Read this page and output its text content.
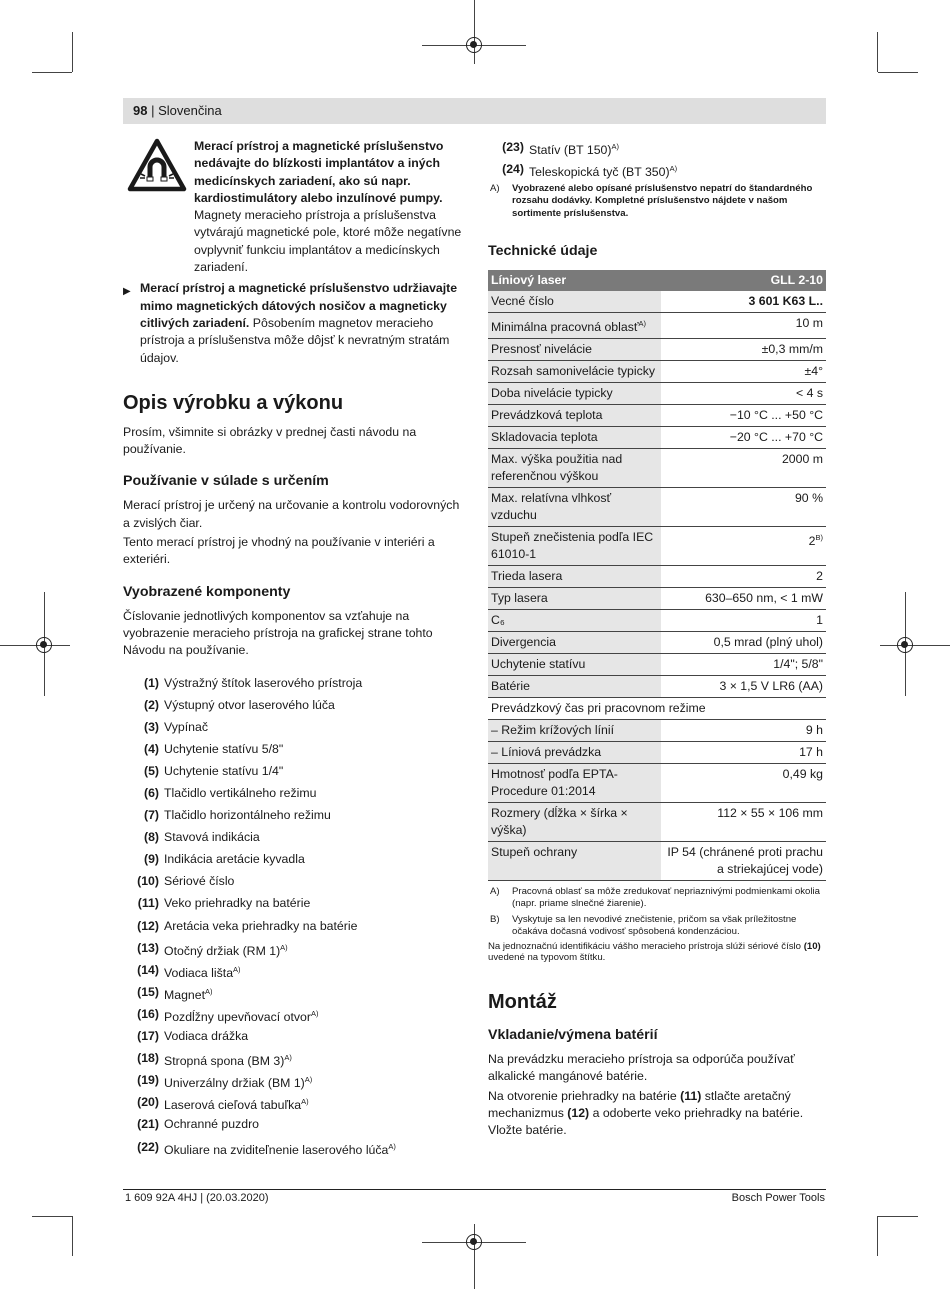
98 | Slovenčina

Merací prístroj a magnetické príslušenstvo nedávajte do blízkosti implantátov a iných medicínskych zariadení, ako sú napr. kardiostimulátory alebo inzulínové pumpy. Magnety meracieho prístroja a príslušenstva vytvárajú magnetické pole, ktoré môže negatívne ovplyvniť funkciu implantátov a medicínskych zariadení.

▶ Merací prístroj a magnetické príslušenstvo udržiavajte mimo magnetických dátových nosičov a magneticky citlivých zariadení. Pôsobením magnetov meracieho prístroja a príslušenstva môže dôjsť k nevratným stratám údajov.

Opis výrobku a výkonu

Prosím, všimnite si obrázky v prednej časti návodu na používanie.

Používanie v súlade s určením

Merací prístroj je určený na určovanie a kontrolu vodorovných a zvislých čiar.

Tento merací prístroj je vhodný na používanie v interiéri a exteriéri.

Vyobrazené komponenty

Číslovanie jednotlivých komponentov sa vzťahuje na vyobrazenie meracieho prístroja na grafickej strane tohto Návodu na používanie.

(1) Výstražný štítok laserového prístroja
(2) Výstupný otvor laserového lúča
(3) Vypínač
(4) Uchytenie statívu 5/8"
(5) Uchytenie statívu 1/4"
(6) Tlačidlo vertikálneho režimu
(7) Tlačidlo horizontálneho režimu
(8) Stavová indikácia
(9) Indikácia aretácie kyvadla
(10) Sériové číslo
(11) Veko priehradky na batérie
(12) Aretácia veka priehradky na batérie
(13) Otočný držiak (RM 1)$^{A)}$
(14) Vodiaca lišta$^{A)}$
(15) Magnet$^{A)}$
(16) Pozdĺžny upevňovací otvor$^{A)}$
(17) Vodiaca drážka
(18) Stropná spona (BM 3)$^{A)}$
(19) Univerzálny držiak (BM 1)$^{A)}$
(20) Laserová cieľová tabuľka$^{A)}$
(21) Ochranné puzdro
(22) Okuliare na zviditeľnenie laserového lúča$^{A)}$
(23) Statív (BT 150)$^{A)}$
(24) Teleskopická tyč (BT 350)$^{A)}$
A) Vyobrazené alebo opísané príslušenstvo nepatrí do štandardného rozsahu dodávky. Kompletné príslušenstvo nájdete v našom sortimente príslušenstva.
Technické údaje
Líniový laser	GLL 2-10
Vecné číslo	3 601 K63 L..
Minimálna pracovná oblasť$^{A)}$	10 m
Presnosť nivelácie	±0,3 mm/m
Rozsah samonivelácie typicky	±4°
Doba nivelácie typicky	< 4 s
Prevádzková teplota	−10 °C ... +50 °C
Skladovacia teplota	−20 °C ... +70 °C
Max. výška použitia nad referenčnou výškou	2000 m
Max. relatívna vlhkosť vzduchu	90 %
Stupeň znečistenia podľa IEC 61010-1	$2^{B)}$
Trieda lasera	2
Typ lasera	630–650 nm, < 1 mW
C₆	1
Divergencia	0,5 mrad (plný uhol)
Uchytenie statívu	1/4"; 5/8"
Batérie	3 × 1,5 V LR6 (AA)
Prevádzkový čas pri pracovnom režime	
– Režim krížových línií	9 h
– Líniová prevádzka	17 h
Hmotnosť podľa EPTA-Procedure 01:2014	0,49 kg
Rozmery (dĺžka × šírka × výška)	112 × 55 × 106 mm
Stupeň ochrany	IP 54 (chránené proti prachu a striekajúcej vode)
A) Pracovná oblasť sa môže zredukovať nepriaznivými podmienkami okolia (napr. priame slnečné žiarenie).
B) Vyskytuje sa len nevodivé znečistenie, pričom sa však príležitostne očakáva dočasná vodivosť spôsobená kondenzáciou.

Na jednoznačnú identifikáciu vášho meracieho prístroja slúži sériové číslo (10) uvedené na typovom štítku.

Montáž
Vkladanie/výmena batérií

Na prevádzku meracieho prístroja sa odporúča používať alkalické mangánové batérie.

Na otvorenie priehradky na batérie (11) stlačte aretačný mechanizmus (12) a odoberte veko priehradky na batérie. Vložte batérie.

1 609 92A 4HJ | (20.03.2020)	Bosch Power Tools
